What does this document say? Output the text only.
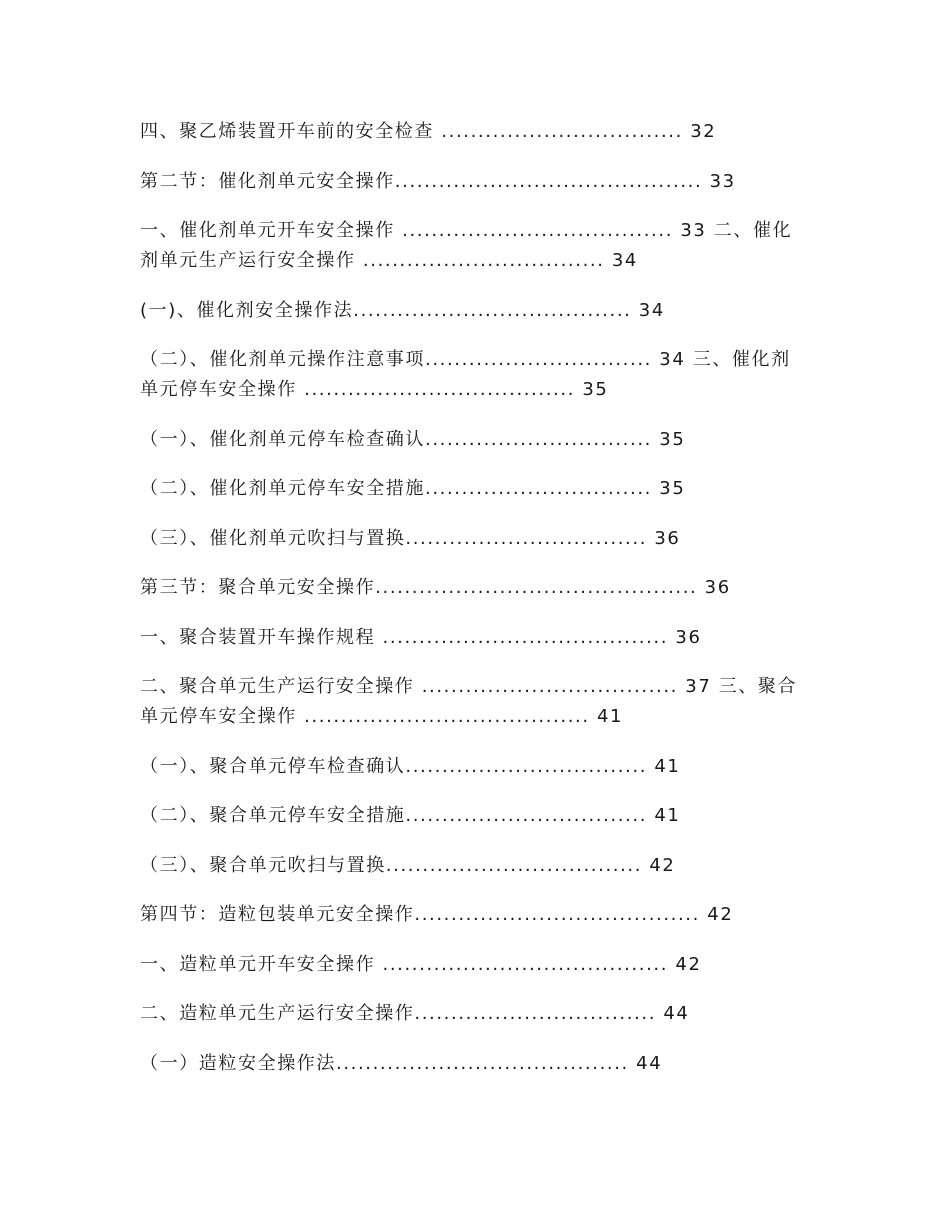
四、聚乙烯装置开车前的安全检查 ................................. 32
第二节：催化剂单元安全操作.......................................... 33
一、催化剂单元开车安全操作 ..................................... 33 二、催化
剂单元生产运行安全操作 ................................. 34
(一)、催化剂安全操作法...................................... 34
（二）、催化剂单元操作注意事项............................... 34 三、催化剂
单元停车安全操作 ..................................... 35
（一）、催化剂单元停车检查确认............................... 35
（二）、催化剂单元停车安全措施............................... 35
（三）、催化剂单元吹扫与置换................................. 36
第三节：聚合单元安全操作............................................ 36
一、聚合装置开车操作规程 ....................................... 36
二、聚合单元生产运行安全操作 ................................... 37 三、聚合
单元停车安全操作 ....................................... 41
（一）、聚合单元停车检查确认................................. 41
（二）、聚合单元停车安全措施................................. 41
（三）、聚合单元吹扫与置换................................... 42
第四节：造粒包装单元安全操作....................................... 42
一、造粒单元开车安全操作 ....................................... 42
二、造粒单元生产运行安全操作................................. 44
（一）造粒安全操作法........................................ 44
